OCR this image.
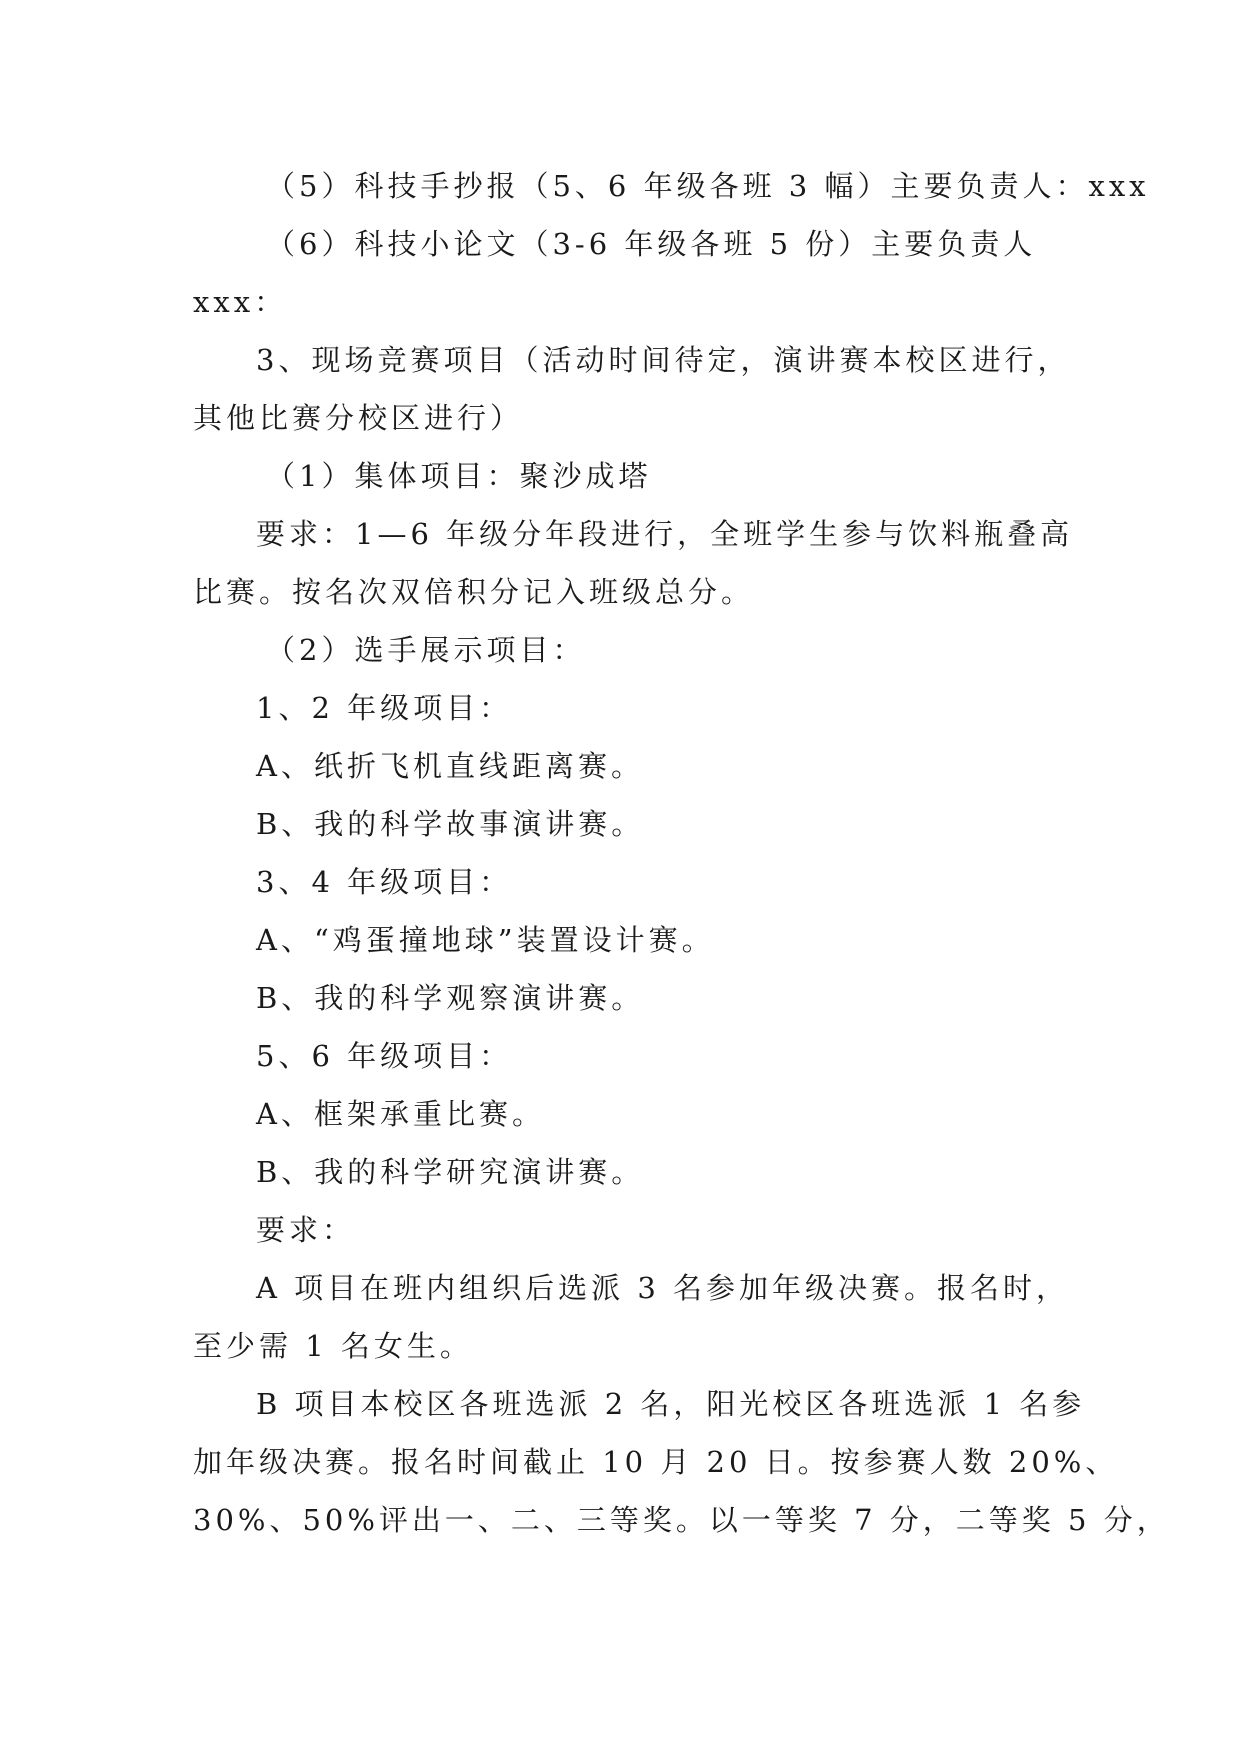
（5）科技手抄报（5、6 年级各班 3 幅）主要负责人：xxx
（6）科技小论文（3-6 年级各班 5 份）主要负责人
xxx：
3、现场竞赛项目（活动时间待定，演讲赛本校区进行，
其他比赛分校区进行）
（1）集体项目：聚沙成塔
要求：1—6 年级分年段进行，全班学生参与饮料瓶叠高
比赛。按名次双倍积分记入班级总分。
（2）选手展示项目：
1、2 年级项目：
A、纸折飞机直线距离赛。
B、我的科学故事演讲赛。
3、4 年级项目：
A、“鸡蛋撞地球”装置设计赛。
B、我的科学观察演讲赛。
5、6 年级项目：
A、框架承重比赛。
B、我的科学研究演讲赛。
要求：
A 项目在班内组织后选派 3 名参加年级决赛。报名时，
至少需 1 名女生。
B 项目本校区各班选派 2 名，阳光校区各班选派 1 名参
加年级决赛。报名时间截止 10 月 20 日。按参赛人数 20%、
30%、50%评出一、二、三等奖。以一等奖 7 分，二等奖 5 分，
